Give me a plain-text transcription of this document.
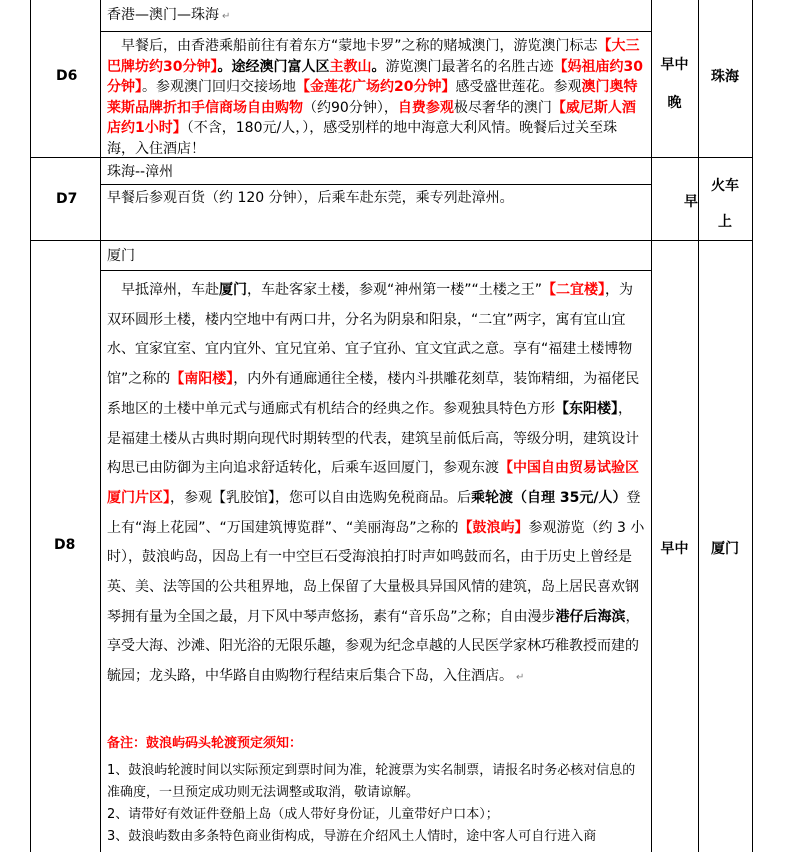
D6
香港—澳门—珠海 ↵
早餐后，由香港乘船前往有着东方“蒙地卡罗”之称的赌城澳门，游览澳门标志【大三巴牌坊约30分钟】。途经澳门富人区主教山。游览澳门最著名的名胜古迹【妈祖庙约30分钟】。参观澳门回归交接场地【金莲花广场约20分钟】感受盛世莲花。参观澳门奥特莱斯品牌折扣手信商场自由购物（约90分钟），自费参观极尽奢华的澳门【威尼斯人酒店约1小时】（不含，180元/人，），感受别样的地中海意大利风情。晚餐后过关至珠海，入住酒店！
早中
晚
珠海
D7
珠海--漳州
早餐后参观百货（约 120 分钟），后乘车赴东莞，乘专列赴漳州。	早
火车
上
D8
厦门
早抵漳州，车赴厦门，车赴客家土楼，参观“神州第一楼”“土楼之王”【二宜楼】，为双环圆形土楼，楼内空地中有两口井，分名为阴泉和阳泉，“二宜”两字，寓有宜山宜水、宜家宜室、宜内宜外、宜兄宜弟、宜子宜孙、宜文宜武之意。享有“福建土楼博物馆”之称的【南阳楼】，内外有通廊通往全楼，楼内斗拱雕花刻草，装饰精细，为福佬民系地区的土楼中单元式与通廊式有机结合的经典之作。参观独具特色方形【东阳楼】，是福建土楼从古典时期向现代时期转型的代表，建筑呈前低后高，等级分明，建筑设计构思已由防御为主向追求舒适转化，后乘车返回厦门，参观东渡【中国自由贸易试验区厦门片区】，参观【乳胶馆】，您可以自由选购免税商品。后乘轮渡（自理 35元/人）登上有“海上花园”、“万国建筑博览群”、“美丽海岛”之称的【鼓浪屿】参观游览（约 3 小时），鼓浪屿岛，因岛上有一中空巨石受海浪拍打时声如鸣鼓而名，由于历史上曾经是英、美、法等国的公共租界地，岛上保留了大量极具异国风情的建筑，岛上居民喜欢钢琴拥有量为全国之最，月下风中琴声悠扬，素有“音乐岛”之称；自由漫步港仔后海滨，享受大海、沙滩、阳光浴的无限乐趣，参观为纪念卓越的人民医学家林巧稚教授而建的毓园；龙头路，中华路自由购物行程结束后集合下岛，入住酒店。 ↵
备注：鼓浪屿码头轮渡预定须知：
1、鼓浪屿轮渡时间以实际预定到票时间为准，轮渡票为实名制票，请报名时务必核对信息的准确度，一旦预定成功则无法调整或取消，敬请谅解。
2、请带好有效证件登船上岛（成人带好身份证，儿童带好户口本）；
3、鼓浪屿数由多条特色商业街构成，导游在介绍风土人情时，途中客人可自行进入商
早中	厦门
